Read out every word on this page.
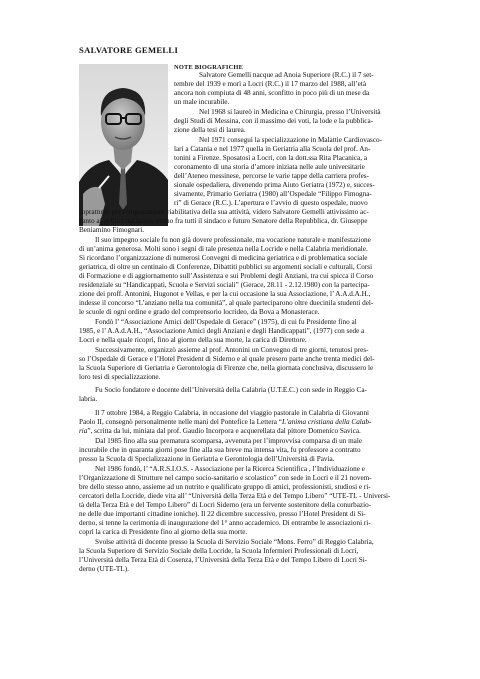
SALVATORE GEMELLI
NOTE BIOGRAFICHE

Salvatore Gemelli nacque ad Anoia Superiore (R.C.) il 7 set-

tembre del 1939 e morì a Locri (R.C.) il 17 marzo del 1988, all’età

ancora non compiuta di 48 anni, sconfitto in poco più di un mese da

un male incurabile.

Nel 1968 si laureò in Medicina e Chirurgia, presso l’Università

degli Studi di Messina, con il massimo dei voti, la lode e la pubblica-

zione della tesi di laurea.

Nel 1971 conseguì la specializzazione in Malattie Cardiovasco-

lari a Catania e nel 1977 quella in Geriatria alla Scuola del prof. An-

tonini a Firenze. Sposatosi a Locri, con la dott.ssa Rita Placanica, a

coronamento di una storia d’amore iniziata nelle aule universitarie

dell’Ateneo messinese, percorse le varie tappe della carriera profes-

sionale ospedaliera, divenendo prima Aiuto Geriatra (1972) e, succes-

sivamente, Primario Geriatra (1980) all’Ospedale “Filippo Fimogna-

ri” di Gerace (R.C.). L’apertura e l’avvio di questo ospedale, nuovo

soprattutto per l’impostazione riabilitativa della sua attività, videro Salvatore Gemelli attivissimo ac-

canto ai politici del luogo, primo fra tutti il sindaco e futuro Senatore della Repubblica, dr. Giuseppe

Beniamino Fimognari.

Il suo impegno sociale fu non già dovere professionale, ma vocazione naturale e manifestazione

di un’anima generosa. Molti sono i segni di tale presenza nella Locride e nella Calabria meridionale.

Si ricordano l’organizzazione di numerosi Convegni di medicina geriatrica e di problematica sociale

geriatrica, di oltre un centinaio di Conferenze, Dibattiti pubblici su argomenti sociali e culturali, Corsi

di Formazione e di aggiornamento sull’Assistenza e sui Problemi degli Anziani, tra cui spicca il Corso

residenziale su “Handicappati, Scuola e Servizi sociali” (Gerace, 28.11 - 2.12.1980) con la partecipa-

zione dei proff. Antonini, Hugonot e Vellas, e per la cui occasione la sua Associazione, l’ A.A.d.A.H.,

indesse il concorso “L’anziano nella tua comunità”, al quale parteciparono oltre duecinila studenti del-

le scuole di ogni ordine e grado del comprensorio locrideo, da Bova a Monasterace.

Fondò l’ “Associazione Amici dell’Ospedale di Gerace” (1975), di cui fu Presidente fino al

1985, e l’ A.A.d.A.H., “Associazione Amici degli Anziani e degli Handicappati”, (1977) con sede a

Locri e nella quale ricoprì, fino al giorno della sua morte, la carica di Direttore.

Successivamente, organizzò assieme al prof. Antonini un Convegno di tre giorni, tenutosi pres-

so l’Ospedale di Gerace e l’Hotel President di Siderno e al quale presero parte anche trenta medici del-

la Scuola Superiore di Geriatria e Gerontologia di Firenze che, nella giornata conclusiva, discussero le

loro tesi di specializzazione.

Fu Socio fondatore e docente dell’Università della Calabria (U.T.E.C.) con sede in Reggio Ca-

labria.

Il 7 ottobre 1984, a Reggio Calabria, in occasione del viaggio pastorale in Calabria di Giovanni

Paolo II, consegnò personalmente nelle mani del Pontefice la Lettera “L’anima cristiana della Calab-

ria”, scritta da lui, miniata dal prof. Gaudio Incorpora e acquerellata dal pittore Domenico Savica.

Dal 1985 fino alla sua prematura scomparsa, avvenuta per l’improvvisa comparsa di un male

incurabile che in quaranta giorni pose fine alla sua breve ma intensa vita, fu professore a contratto

presso la Scuola di Specializzazione in Geriatria e Gerontologia dell’Università di Pavia.

Nel 1986 fondò, l’ “A.R.S.I.O.S. - Associazione per la Ricerca Scientifica , l’Individuazione e

l’Organizzazione di Strutture nel campo socio-sanitario e scolastico” con sede in Locri e il 21 novem-

bre dello stesso anno, assieme ad un nutrito e qualificato gruppo di amici, professionisti, studiosi e ri-

cercatori della Locride, diede vita all’ “Università della Terza Età e del Tempo Libero” “UTE-TL - Universi-

tà della Terza Età e del Tempo Libero” di Locri Siderno (era un fervente sostenitore della conurbazio-

ne delle due importanti cittadine ioniche). Il 22 dicembre successivo, presso l’Hotel President di Si-

derno, si tenne la cerimonia di inaugurazione del 1° anno accademico. Di entrambe le associazioni ri-

coprì la carica di Presidente fino al giorno della sua morte.

Svolse attività di docente presso la Scuola di Servizio Sociale “Mons. Ferro” di Reggio Calabria,

la Scuola Superiore di Servizio Sociale della Locride, la Scuola Infermieri Professionali di Locri,

l’Università della Terza Età di Cosenza, l’Università della Terza Età e del Tempo Libero di Locri Si-

derno (UTE-TL).
